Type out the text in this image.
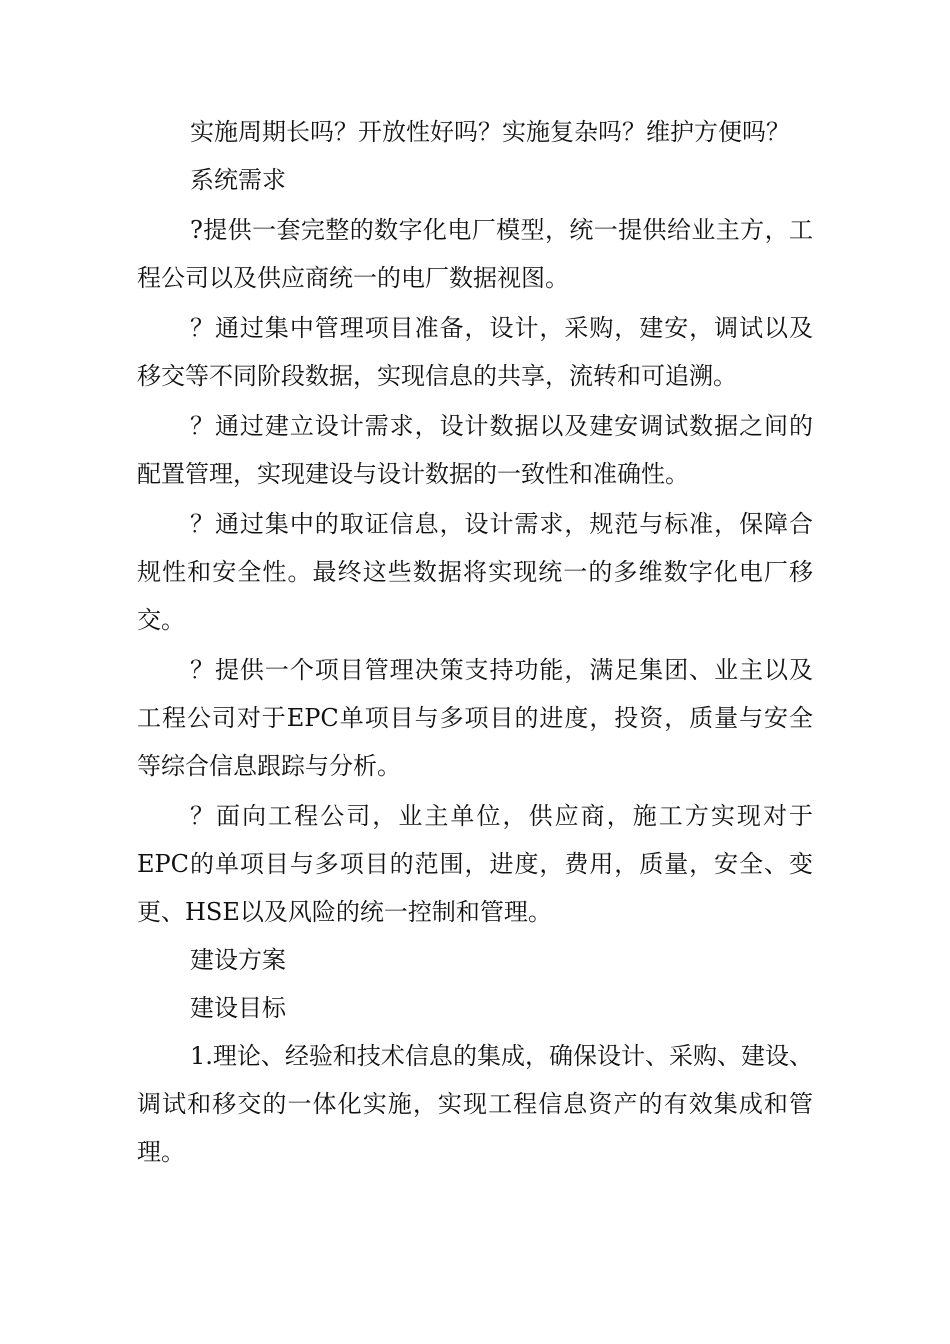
实施周期长吗？开放性好吗？实施复杂吗？维护方便吗？

系统需求

?提供一套完整的数字化电厂模型，统一提供给业主方，工程公司以及供应商统一的电厂数据视图。

？通过集中管理项目准备，设计，采购，建安，调试以及移交等不同阶段数据，实现信息的共享，流转和可追溯。

？通过建立设计需求，设计数据以及建安调试数据之间的配置管理，实现建设与设计数据的一致性和准确性。

？通过集中的取证信息，设计需求，规范与标准，保障合规性和安全性。最终这些数据将实现统一的多维数字化电厂移交。

？提供一个项目管理决策支持功能，满足集团、业主以及工程公司对于EPC单项目与多项目的进度，投资，质量与安全等综合信息跟踪与分析。

？面向工程公司，业主单位，供应商，施工方实现对于EPC的单项目与多项目的范围，进度，费用，质量，安全、变更、HSE以及风险的统一控制和管理。

建设方案

建设目标

1.理论、经验和技术信息的集成，确保设计、采购、建设、调试和移交的一体化实施，实现工程信息资产的有效集成和管理。
